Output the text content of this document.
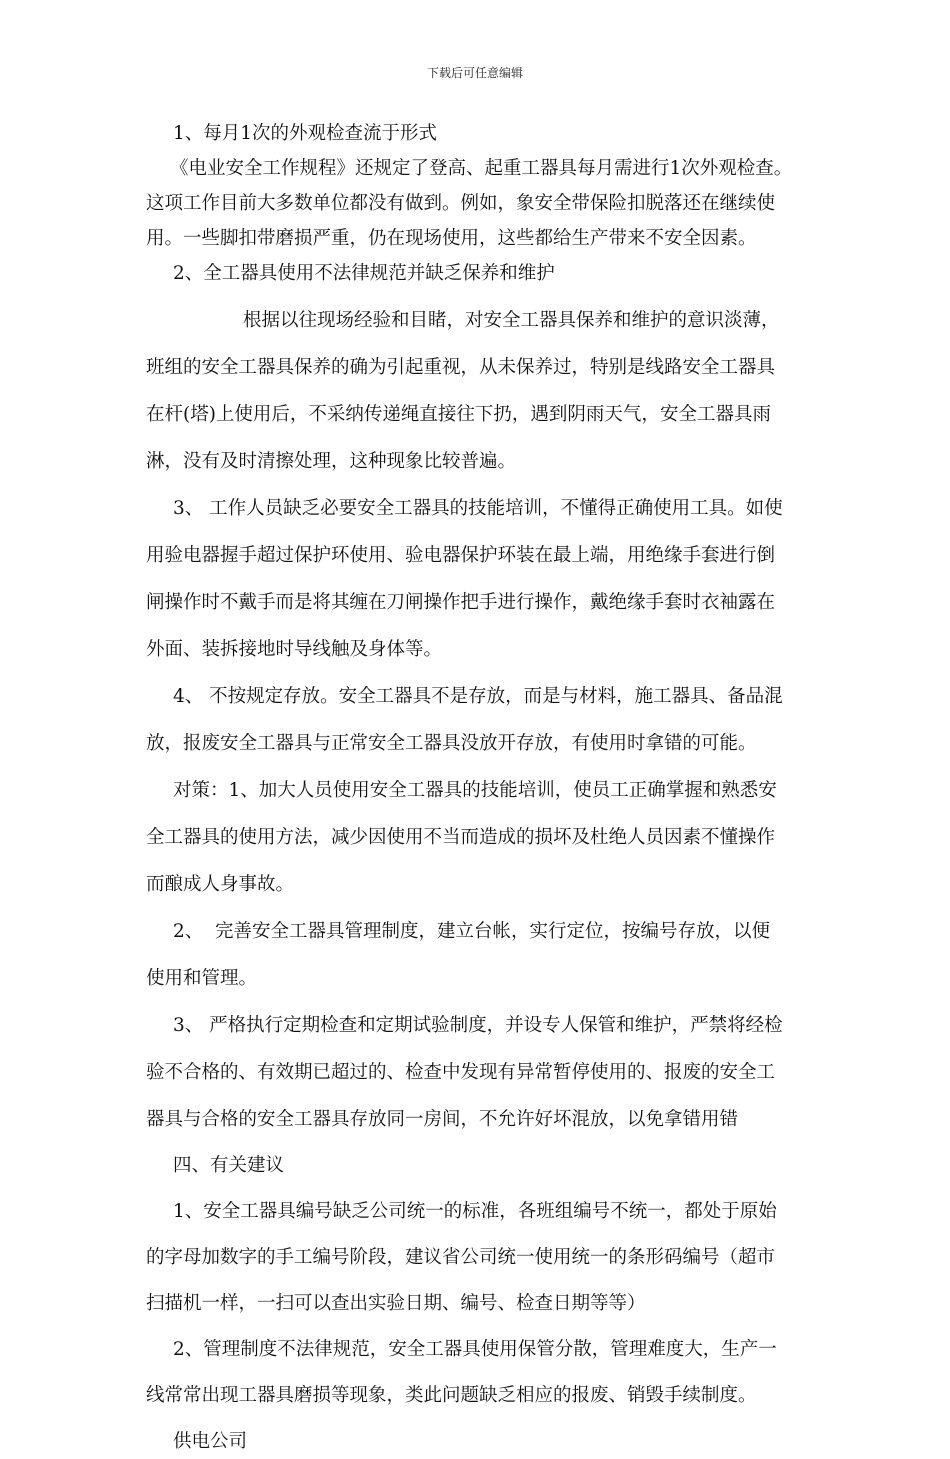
下载后可任意编辑
1、每月1次的外观检查流于形式
《电业安全工作规程》还规定了登高、起重工器具每月需进行1次外观检查。
这项工作目前大多数单位都没有做到。例如，象安全带保险扣脱落还在继续使
用。一些脚扣带磨损严重，仍在现场使用，这些都给生产带来不安全因素。
2、全工器具使用不法律规范并缺乏保养和维护
根据以往现场经验和目睹，对安全工器具保养和维护的意识淡薄，
班组的安全工器具保养的确为引起重视，从未保养过，特别是线路安全工器具
在杆(塔)上使用后，不采纳传递绳直接往下扔，遇到阴雨天气，安全工器具雨
淋，没有及时清擦处理，这种现象比较普遍。
3、 工作人员缺乏必要安全工器具的技能培训，不懂得正确使用工具。如使
用验电器握手超过保护环使用、验电器保护环装在最上端，用绝缘手套进行倒
闸操作时不戴手而是将其缠在刀闸操作把手进行操作，戴绝缘手套时衣袖露在
外面、装拆接地时导线触及身体等。
4、 不按规定存放。安全工器具不是存放，而是与材料，施工器具、备品混
放，报废安全工器具与正常安全工器具没放开存放，有使用时拿错的可能。
对策：1、加大人员使用安全工器具的技能培训，使员工正确掌握和熟悉安
全工器具的使用方法，减少因使用不当而造成的损坏及杜绝人员因素不懂操作
而酿成人身事故。
2、  完善安全工器具管理制度，建立台帐，实行定位，按编号存放，以便
使用和管理。
3、 严格执行定期检查和定期试验制度，并设专人保管和维护，严禁将经检
验不合格的、有效期已超过的、检查中发现有异常暂停使用的、报废的安全工
器具与合格的安全工器具存放同一房间，不允许好坏混放，以免拿错用错
四、有关建议
1、安全工器具编号缺乏公司统一的标准，各班组编号不统一，都处于原始
的字母加数字的手工编号阶段，建议省公司统一使用统一的条形码编号（超市
扫描机一样，一扫可以查出实验日期、编号、检查日期等等）
2、管理制度不法律规范，安全工器具使用保管分散，管理难度大，生产一
线常常出现工器具磨损等现象，类此问题缺乏相应的报废、销毁手续制度。
供电公司
